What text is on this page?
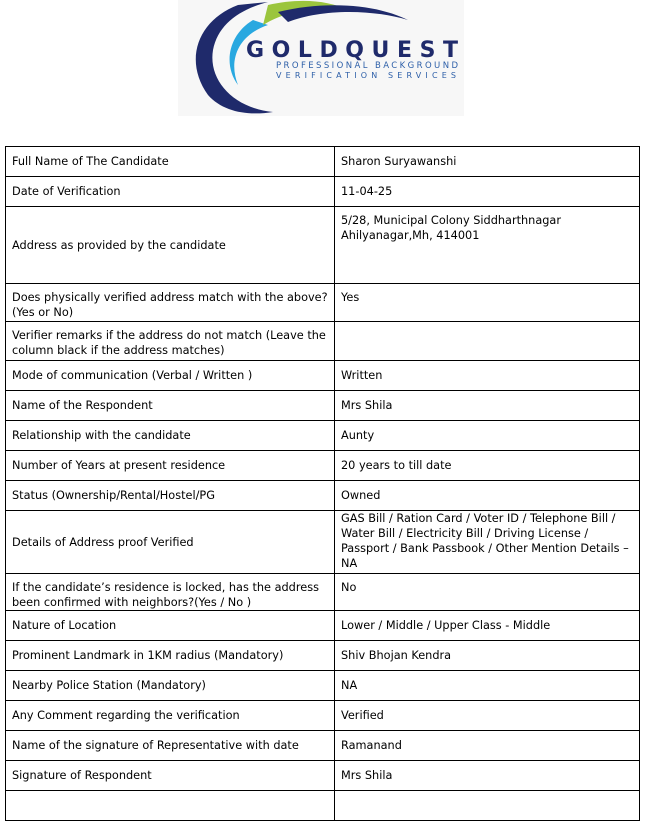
GOLDQUEST
PROFESSIONAL BACKGROUND
VERIFICATION SERVICES
Full Name of The Candidate	Sharon Suryawanshi
Date of Verification	11-04-25
Address as provided by the candidate	5/28, Municipal Colony Siddharthnagar Ahilyanagar,Mh, 414001
Does physically verified address match with the above?(Yes or No)	Yes
Verifier remarks if the address do not match (Leave the column black if the address matches)	
Mode of communication (Verbal / Written )	Written
Name of the Respondent	Mrs Shila
Relationship with the candidate	Aunty
Number of Years at present residence	20 years to till date
Status (Ownership/Rental/Hostel/PG	Owned
Details of Address proof Verified	GAS Bill / Ration Card / Voter ID / Telephone Bill / Water Bill / Electricity Bill / Driving License / Passport / Bank Passbook / Other Mention Details – NA
If the candidate’s residence is locked, has the address been confirmed with neighbors?(Yes / No )	No
Nature of Location	Lower / Middle / Upper Class - Middle
Prominent Landmark in 1KM radius (Mandatory)	Shiv Bhojan Kendra
Nearby Police Station (Mandatory)	NA
Any Comment regarding the verification	Verified
Name of the signature of Representative with date	Ramanand
Signature of Respondent	Mrs Shila
